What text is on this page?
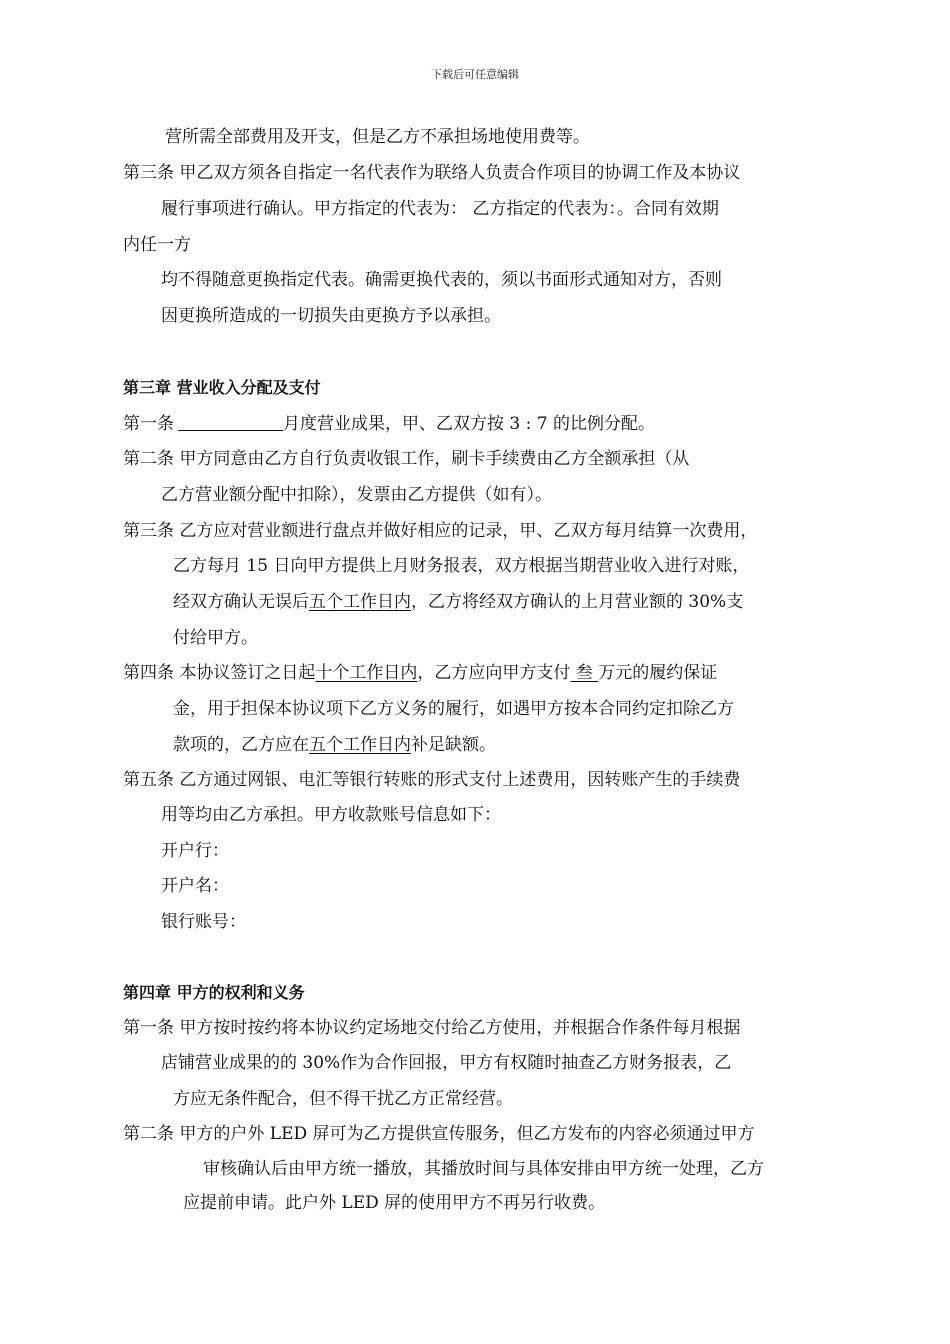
下载后可任意编辑
营所需全部费用及开支，但是乙方不承担场地使用费等。
第三条 甲乙双方须各自指定一名代表作为联络人负责合作项目的协调工作及本协议
履行事项进行确认。甲方指定的代表为： 乙方指定的代表为：。合同有效期
内任一方
均不得随意更换指定代表。确需更换代表的，须以书面形式通知对方，否则
因更换所造成的一切损失由更换方予以承担。
第三章 营业收入分配及支付
第一条	月度营业成果，甲、乙双方按 3 : 7 的比例分配。
第二条 甲方同意由乙方自行负责收银工作，刷卡手续费由乙方全额承担（从
乙方营业额分配中扣除），发票由乙方提供（如有）。
第三条 乙方应对营业额进行盘点并做好相应的记录，甲、乙双方每月结算一次费用，
乙方每月 15 日向甲方提供上月财务报表，双方根据当期营业收入进行对账，
经双方确认无误后五个工作日内，乙方将经双方确认的上月营业额的 30%支
付给甲方。
第四条 本协议签订之日起十个工作日内，乙方应向甲方支付 叁 万元的履约保证
金，用于担保本协议项下乙方义务的履行，如遇甲方按本合同约定扣除乙方
款项的，乙方应在五个工作日内补足缺额。
第五条 乙方通过网银、电汇等银行转账的形式支付上述费用，因转账产生的手续费
用等均由乙方承担。甲方收款账号信息如下：
开户行：
开户名：
银行账号：
第四章 甲方的权利和义务
第一条 甲方按时按约将本协议约定场地交付给乙方使用，并根据合作条件每月根据
店铺营业成果的的 30%作为合作回报，甲方有权随时抽查乙方财务报表，乙
方应无条件配合，但不得干扰乙方正常经营。
第二条 甲方的户外 LED 屏可为乙方提供宣传服务，但乙方发布的内容必须通过甲方
审核确认后由甲方统一播放，其播放时间与具体安排由甲方统一处理，乙方
应提前申请。此户外 LED 屏的使用甲方不再另行收费。
